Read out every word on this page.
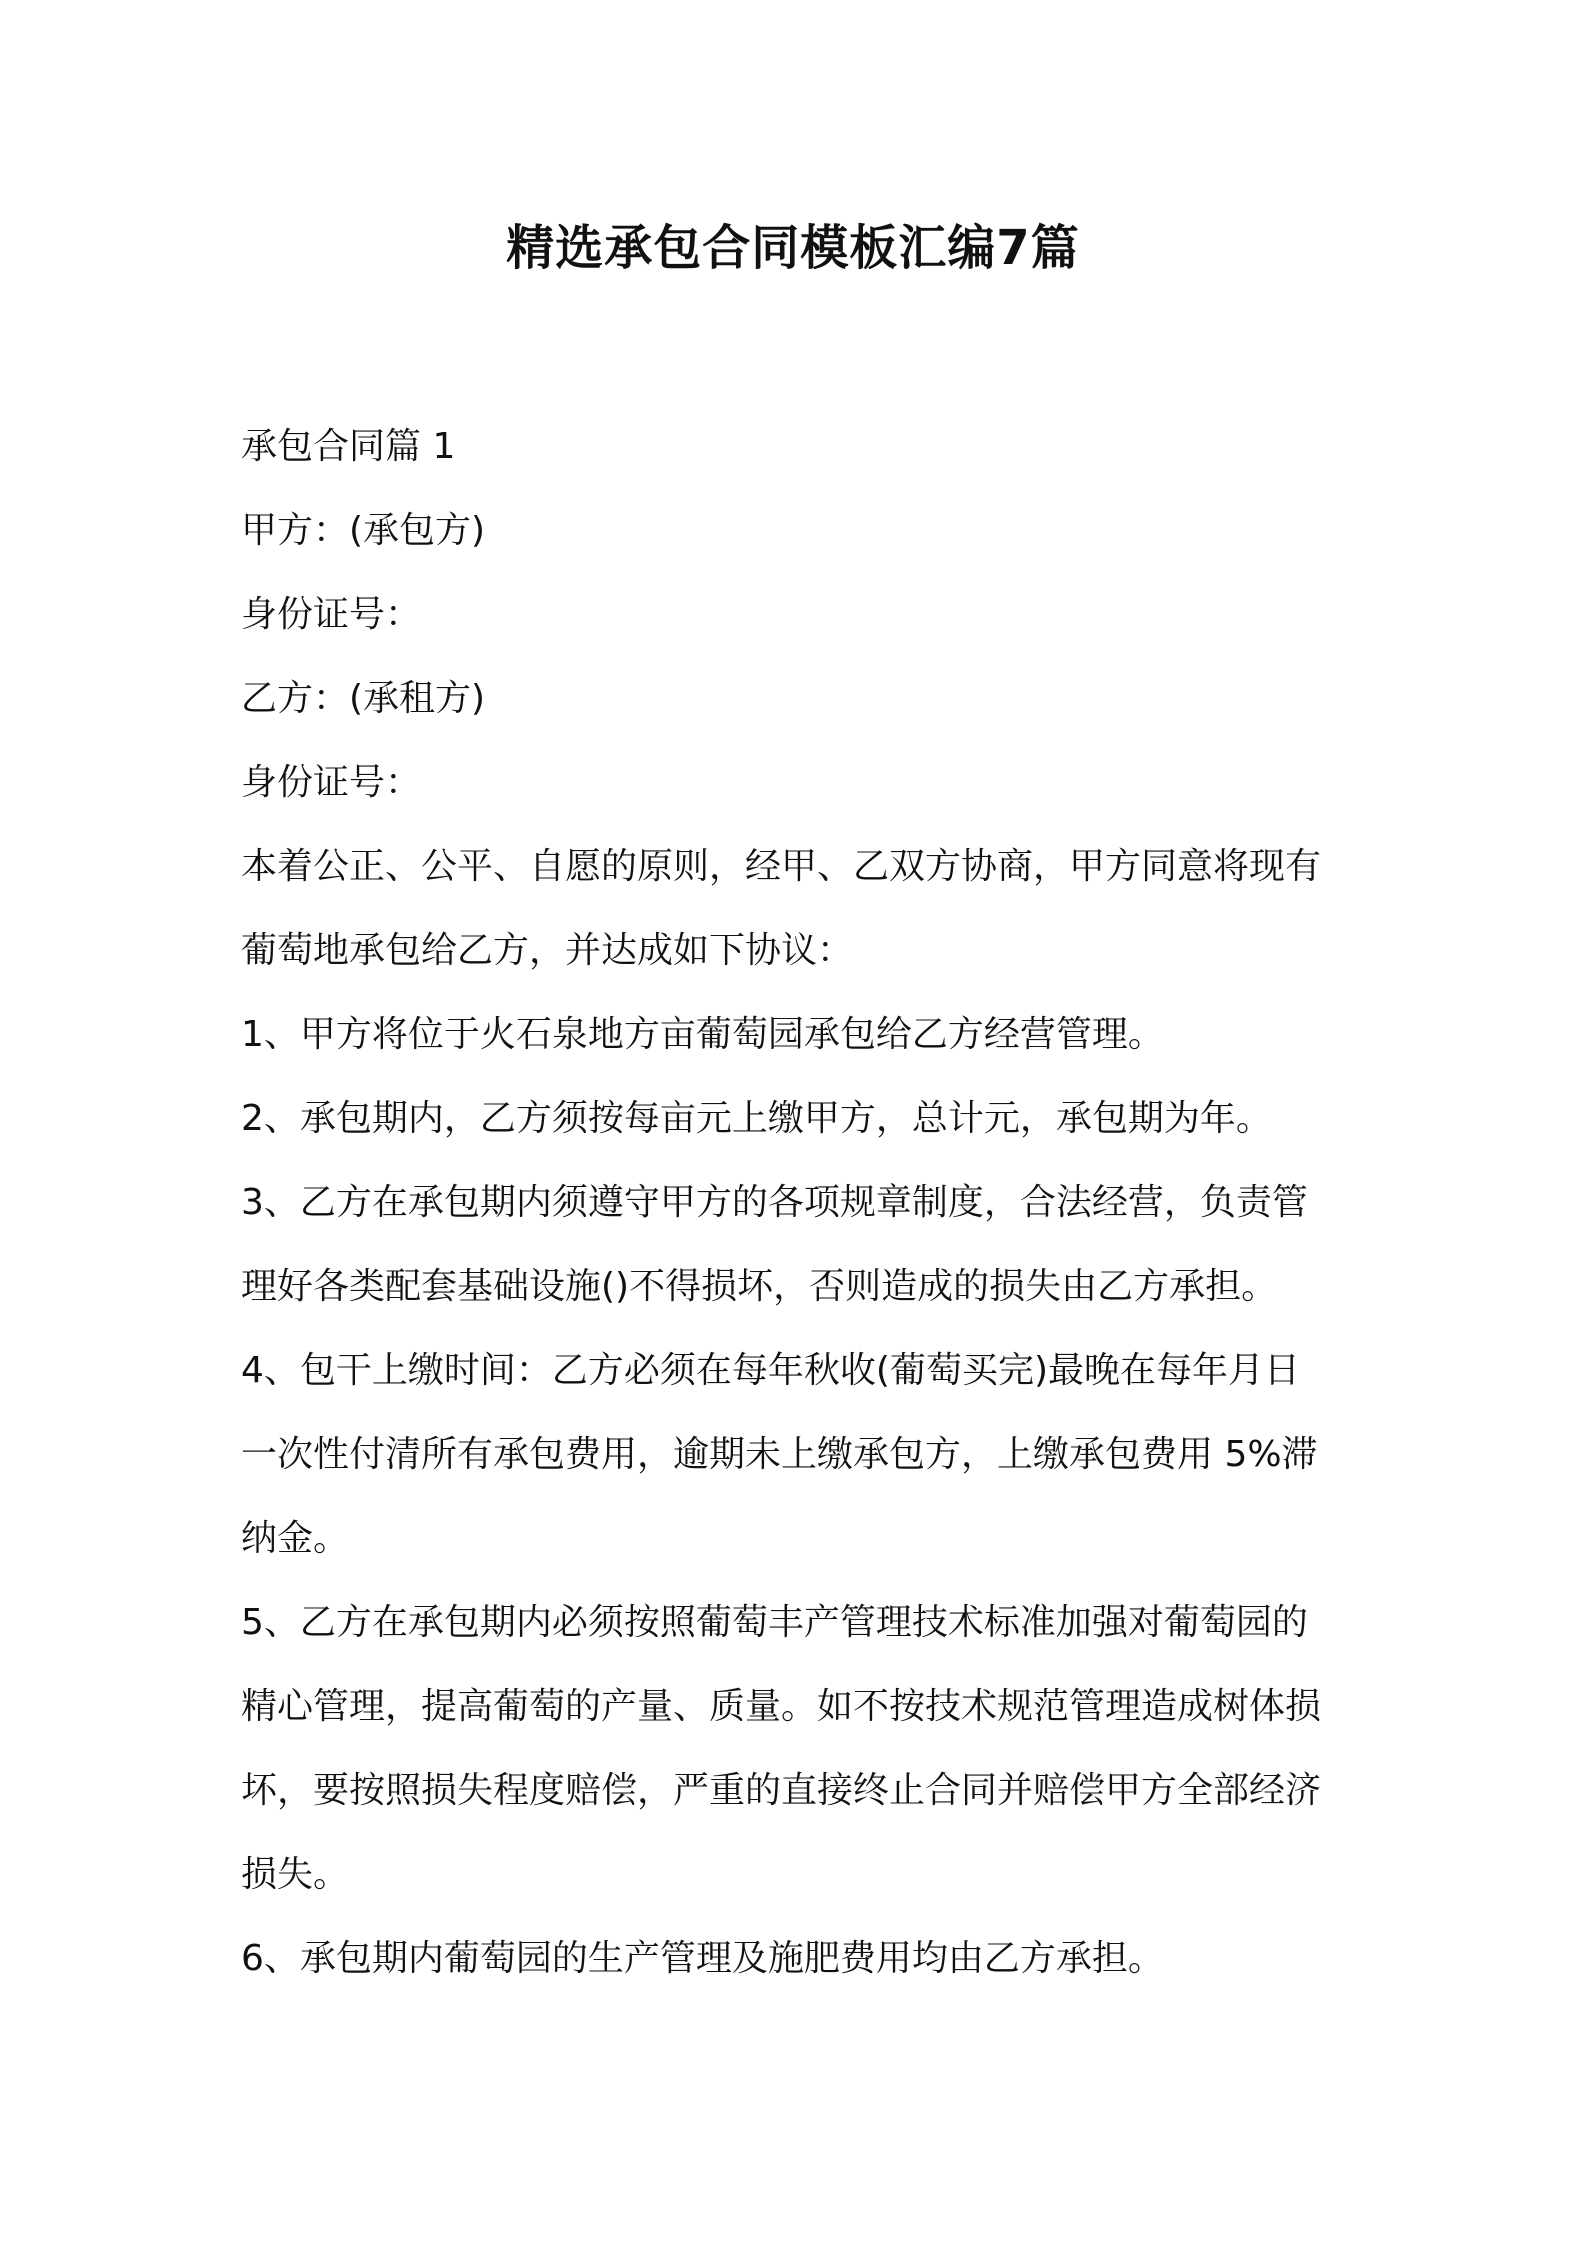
精选承包合同模板汇编7篇

承包合同篇 1

甲方：(承包方)

身份证号：

乙方：(承租方)

身份证号：

本着公正、公平、自愿的原则，经甲、乙双方协商，甲方同意将现有
葡萄地承包给乙方，并达成如下协议：

1、甲方将位于火石泉地方亩葡萄园承包给乙方经营管理。

2、承包期内，乙方须按每亩元上缴甲方，总计元，承包期为年。

3、乙方在承包期内须遵守甲方的各项规章制度，合法经营，负责管
理好各类配套基础设施()不得损坏，否则造成的损失由乙方承担。

4、包干上缴时间：乙方必须在每年秋收(葡萄买完)最晚在每年月日
一次性付清所有承包费用，逾期未上缴承包方，上缴承包费用 5%滞
纳金。

5、乙方在承包期内必须按照葡萄丰产管理技术标准加强对葡萄园的
精心管理，提高葡萄的产量、质量。如不按技术规范管理造成树体损
坏，要按照损失程度赔偿，严重的直接终止合同并赔偿甲方全部经济
损失。

6、承包期内葡萄园的生产管理及施肥费用均由乙方承担。
